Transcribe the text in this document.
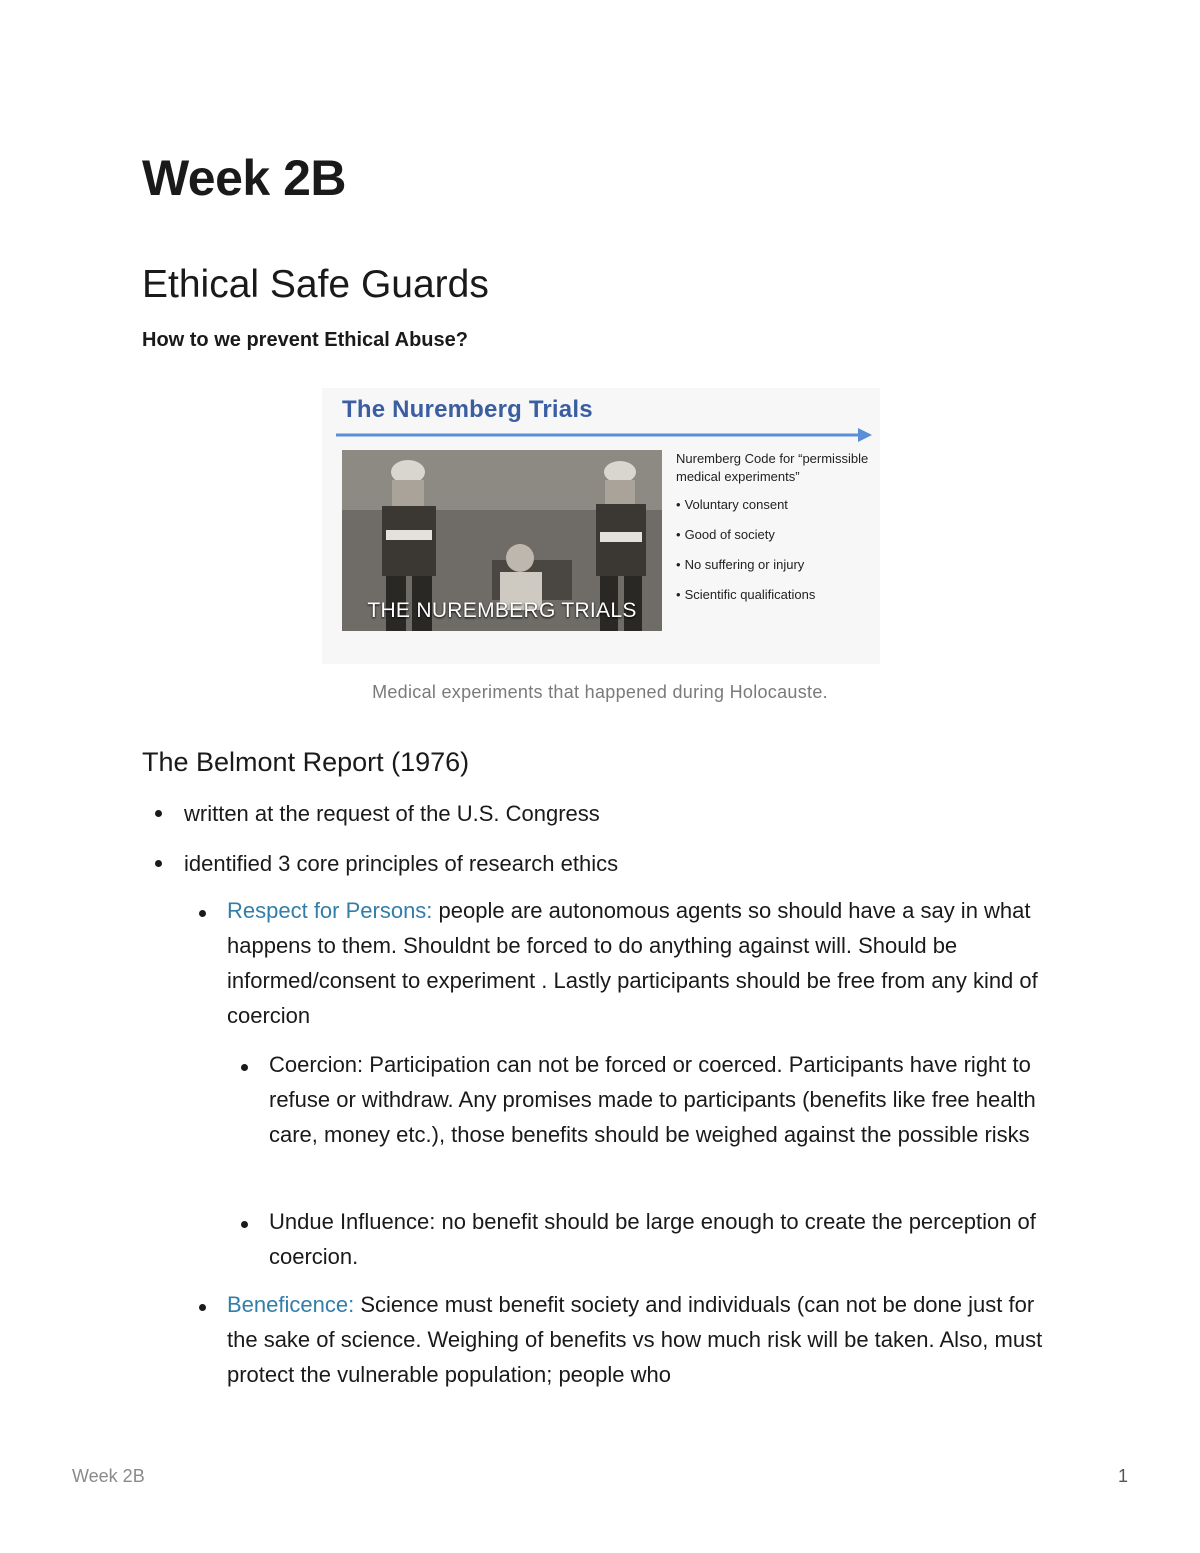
Week 2B
Ethical Safe Guards

How to we prevent Ethical Abuse?

The Nuremberg Trials
THE NUREMBERG TRIALS

Nuremberg Code for “permissible medical experiments”

• Voluntary consent
• Good of society
• No suffering or injury
• Scientific qualifications

Medical experiments that happened during Holocauste.

The Belmont Report (1976)

written at the request of the U.S. Congress

identified 3 core principles of research ethics

Respect for Persons: people are autonomous agents so should have a say in what happens to them. Shouldnt be forced to do anything against will. Should be informed/consent to experiment . Lastly participants should be free from any kind of coercion

Coercion: Participation can not be forced or coerced. Participants have right to refuse or withdraw. Any promises made to participants (benefits like free health care, money etc.), those benefits should be weighed against the possible risks

Undue Influence: no benefit should be large enough to create the perception of coercion.

Beneficence: Science must benefit society and individuals (can not be done just for the sake of science. Weighing of benefits vs how much risk will be taken. Also, must protect the vulnerable population; people who

Week 2B	1
